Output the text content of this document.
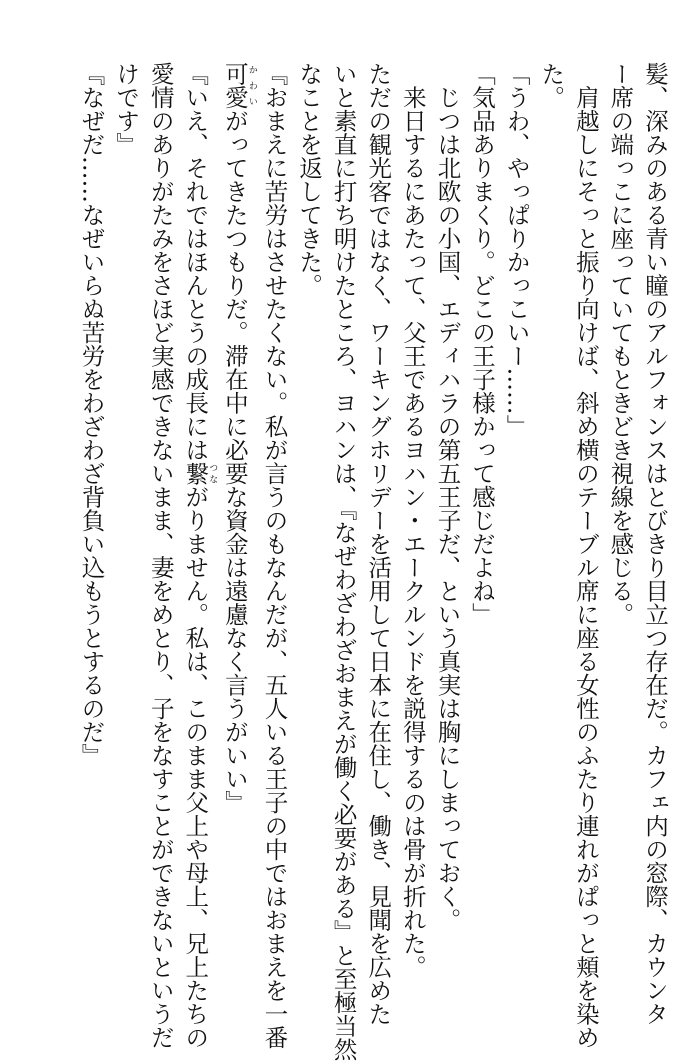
髪、深みのある青い瞳のアルフォンスはとびきり目立つ存在だ。カフェ内の窓際、カウンタ
ー席の端っこに座っていてもときどき視線を感じる。
　肩越しにそっと振り向けば、斜め横のテーブル席に座る女性のふたり連れがぱっと頬を染め
た。
「うわ、やっぱりかっこいー……」
「気品ありまくり。どこの王子様かって感じだよね」
　じつは北欧の小国、エディハラの第五王子だ、という真実は胸にしまっておく。
　来日するにあたって、父王であるヨハン・エークルンドを説得するのは骨が折れた。
ただの観光客ではなく、ワーキングホリデーを活用して日本に在住し、働き、見聞を広めた
いと素直に打ち明けたところ、ヨハンは、『なぜわざわざおまえが働く必要がある』と至極当然
なことを返してきた。
『おまえに苦労はさせたくない。私が言うのもなんだが、五人いる王子の中ではおまえを一番
可愛かわいがってきたつもりだ。滞在中に必要な資金は遠慮なく言うがいい』
『いえ、それではほんとうの成長には繋つながりません。私は、このまま父上や母上、兄上たちの
愛情のありがたみをさほど実感できないまま、妻をめとり、子をなすことができないというだ
けです』
『なぜだ……なぜいらぬ苦労をわざわざ背負い込もうとするのだ』
